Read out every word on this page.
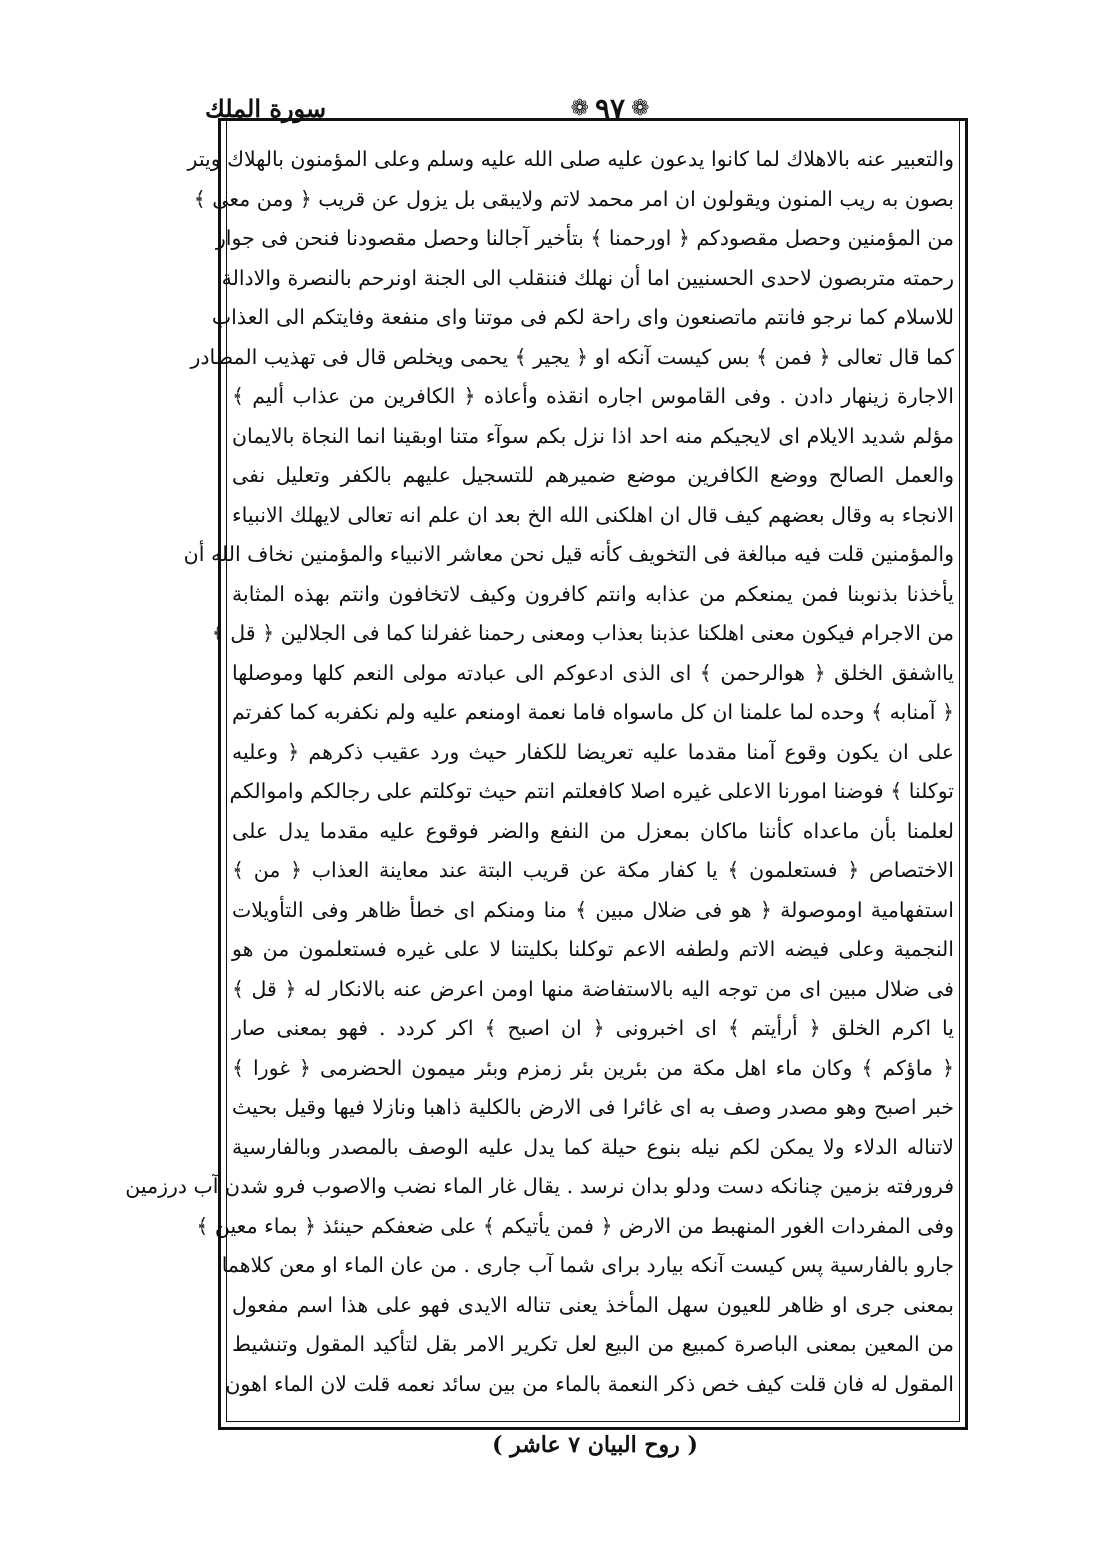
سورة الملك	❁ ٩٧ ❁
والتعبير عنه بالاهلاك لما كانوا يدعون عليه صلى الله عليه وسلم وعلى المؤمنون بالهلاك ويتر
بصون به ريب المنون ويقولون ان امر محمد لاتم ولايبقى بل يزول عن قريب ﴿ ومن معى ﴾
من المؤمنين وحصل مقصودكم ﴿ اورحمنا ﴾ بتأخير آجالنا وحصل مقصودنا فنحن فى جوار
رحمته متربصون لاحدى الحسنيين اما أن نهلك فننقلب الى الجنة اونرحم بالنصرة والادالة
للاسلام كما نرجو فانتم ماتصنعون واى راحة لكم فى موتنا واى منفعة وفايتكم الى العذاب
كما قال تعالى ﴿ فمن ﴾ بس كيست آنكه او ﴿ يجير ﴾ يحمى ويخلص قال فى تهذيب المصادر
الاجارة زينهار دادن . وفى القاموس اجاره انقذه وأعاذه ﴿ الكافرين من عذاب أليم ﴾
مؤلم شديد الايلام اى لايجيكم منه احد اذا نزل بكم سوآء متنا اوبقينا انما النجاة بالايمان
والعمل الصالح ووضع الكافرين موضع ضميرهم للتسجيل عليهم بالكفر وتعليل نفى
الانجاء به وقال بعضهم كيف قال ان اهلكنى الله الخ بعد ان علم انه تعالى لايهلك الانبياء
والمؤمنين قلت فيه مبالغة فى التخويف كأنه قيل نحن معاشر الانبياء والمؤمنين نخاف الله أن
يأخذنا بذنوبنا فمن يمنعكم من عذابه وانتم كافرون وكيف لاتخافون وانتم بهذه المثابة
من الاجرام فيكون معنى اهلكنا عذبنا بعذاب ومعنى رحمنا غفرلنا كما فى الجلالين ﴿ قل ﴾
يااشفق الخلق ﴿ هوالرحمن ﴾ اى الذى ادعوكم الى عبادته مولى النعم كلها وموصلها
﴿ آمنابه ﴾ وحده لما علمنا ان كل ماسواه فاما نعمة اومنعم عليه ولم نكفربه كما كفرتم
على ان يكون وقوع آمنا مقدما عليه تعريضا للكفار حيث ورد عقيب ذكرهم ﴿ وعليه
توكلنا ﴾ فوضنا امورنا الاعلى غيره اصلا كافعلتم انتم حيث توكلتم على رجالكم واموالكم
لعلمنا بأن ماعداه كأننا ماكان بمعزل من النفع والضر فوقوع عليه مقدما يدل على
الاختصاص ﴿ فستعلمون ﴾ يا كفار مكة عن قريب البتة عند معاينة العذاب ﴿ من ﴾
استفهامية اوموصولة ﴿ هو فى ضلال مبين ﴾ منا ومنكم اى خطأ ظاهر وفى التأويلات
النجمية وعلى فيضه الاتم ولطفه الاعم توكلنا بكليتنا لا على غيره فستعلمون من هو
فى ضلال مبين اى من توجه اليه بالاستفاضة منها اومن اعرض عنه بالانكار له ﴿ قل ﴾
يا اكرم الخلق ﴿ أرأيتم ﴾ اى اخبرونى ﴿ ان اصبح ﴾ اكر كردد . فهو بمعنى صار
﴿ ماؤكم ﴾ وكان ماء اهل مكة من بئرين بئر زمزم وبئر ميمون الحضرمى ﴿ غورا ﴾
خبر اصبح وهو مصدر وصف به اى غائرا فى الارض بالكلية ذاهبا ونازلا فيها وقيل بحيث
لاتناله الدلاء ولا يمكن لكم نيله بنوع حيلة كما يدل عليه الوصف بالمصدر وبالفارسية
فرورفته بزمين چنانكه دست ودلو بدان نرسد . يقال غار الماء نضب والاصوب فرو شدن آب درزمين
وفى المفردات الغور المنهبط من الارض ﴿ فمن يأتيكم ﴾ على ضعفكم حينئذ ﴿ بماء معين ﴾
جارو بالفارسية پس كيست آنكه بيارد براى شما آب جارى . من عان الماء او معن كلاهما
بمعنى جرى او ظاهر للعيون سهل المأخذ يعنى تناله الايدى فهو على هذا اسم مفعول
من المعين بمعنى الباصرة كمبيع من البيع لعل تكرير الامر بقل لتأكيد المقول وتنشيط
المقول له فان قلت كيف خص ذكر النعمة بالماء من بين سائد نعمه قلت لان الماء اهون
( روح البيان ٧ عاشر )
